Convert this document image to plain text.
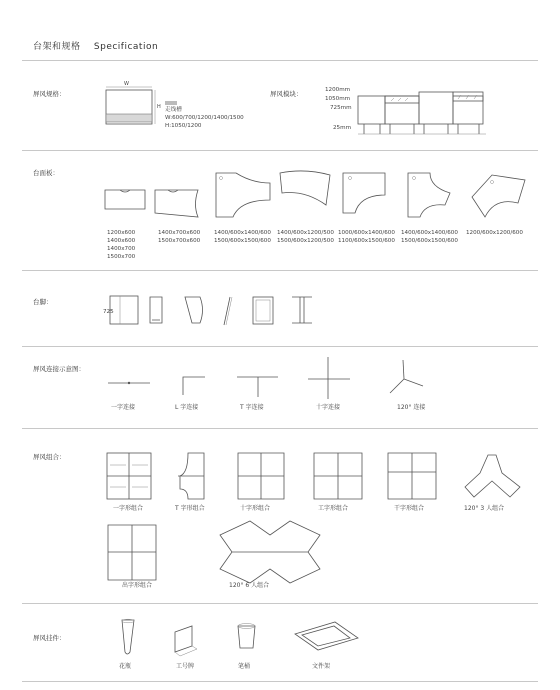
台架和规格 Specification
屏风规格：
W
H 走线槽
W:600/700/1200/1400/1500
H:1050/1200
屏风模块：	1200mm
1050mm
725mm
25mm
台面板：
1200x600
1400x600
1400x700
1500x700
1400x700x600
1500x700x600
1400/600x1400/600
1500/600x1500/600
1400/600x1200/500
1500/600x1200/500
1000/600x1400/600
1100/600x1500/600
1400/600x1400/600
1500/600x1500/600
1200/600x1200/600
台脚：
725
屏风连接示意图：
一字连接	L 字连接	T 字连接	十字连接	120° 连接
屏风组合：
一字形组合	T 字形组合	十字形组合	工字形组合	干字形组合	120° 3 人组合
出字形组合	120° 6 人组合
屏风挂件：
花瓶	工号牌	笔桶	文件架
